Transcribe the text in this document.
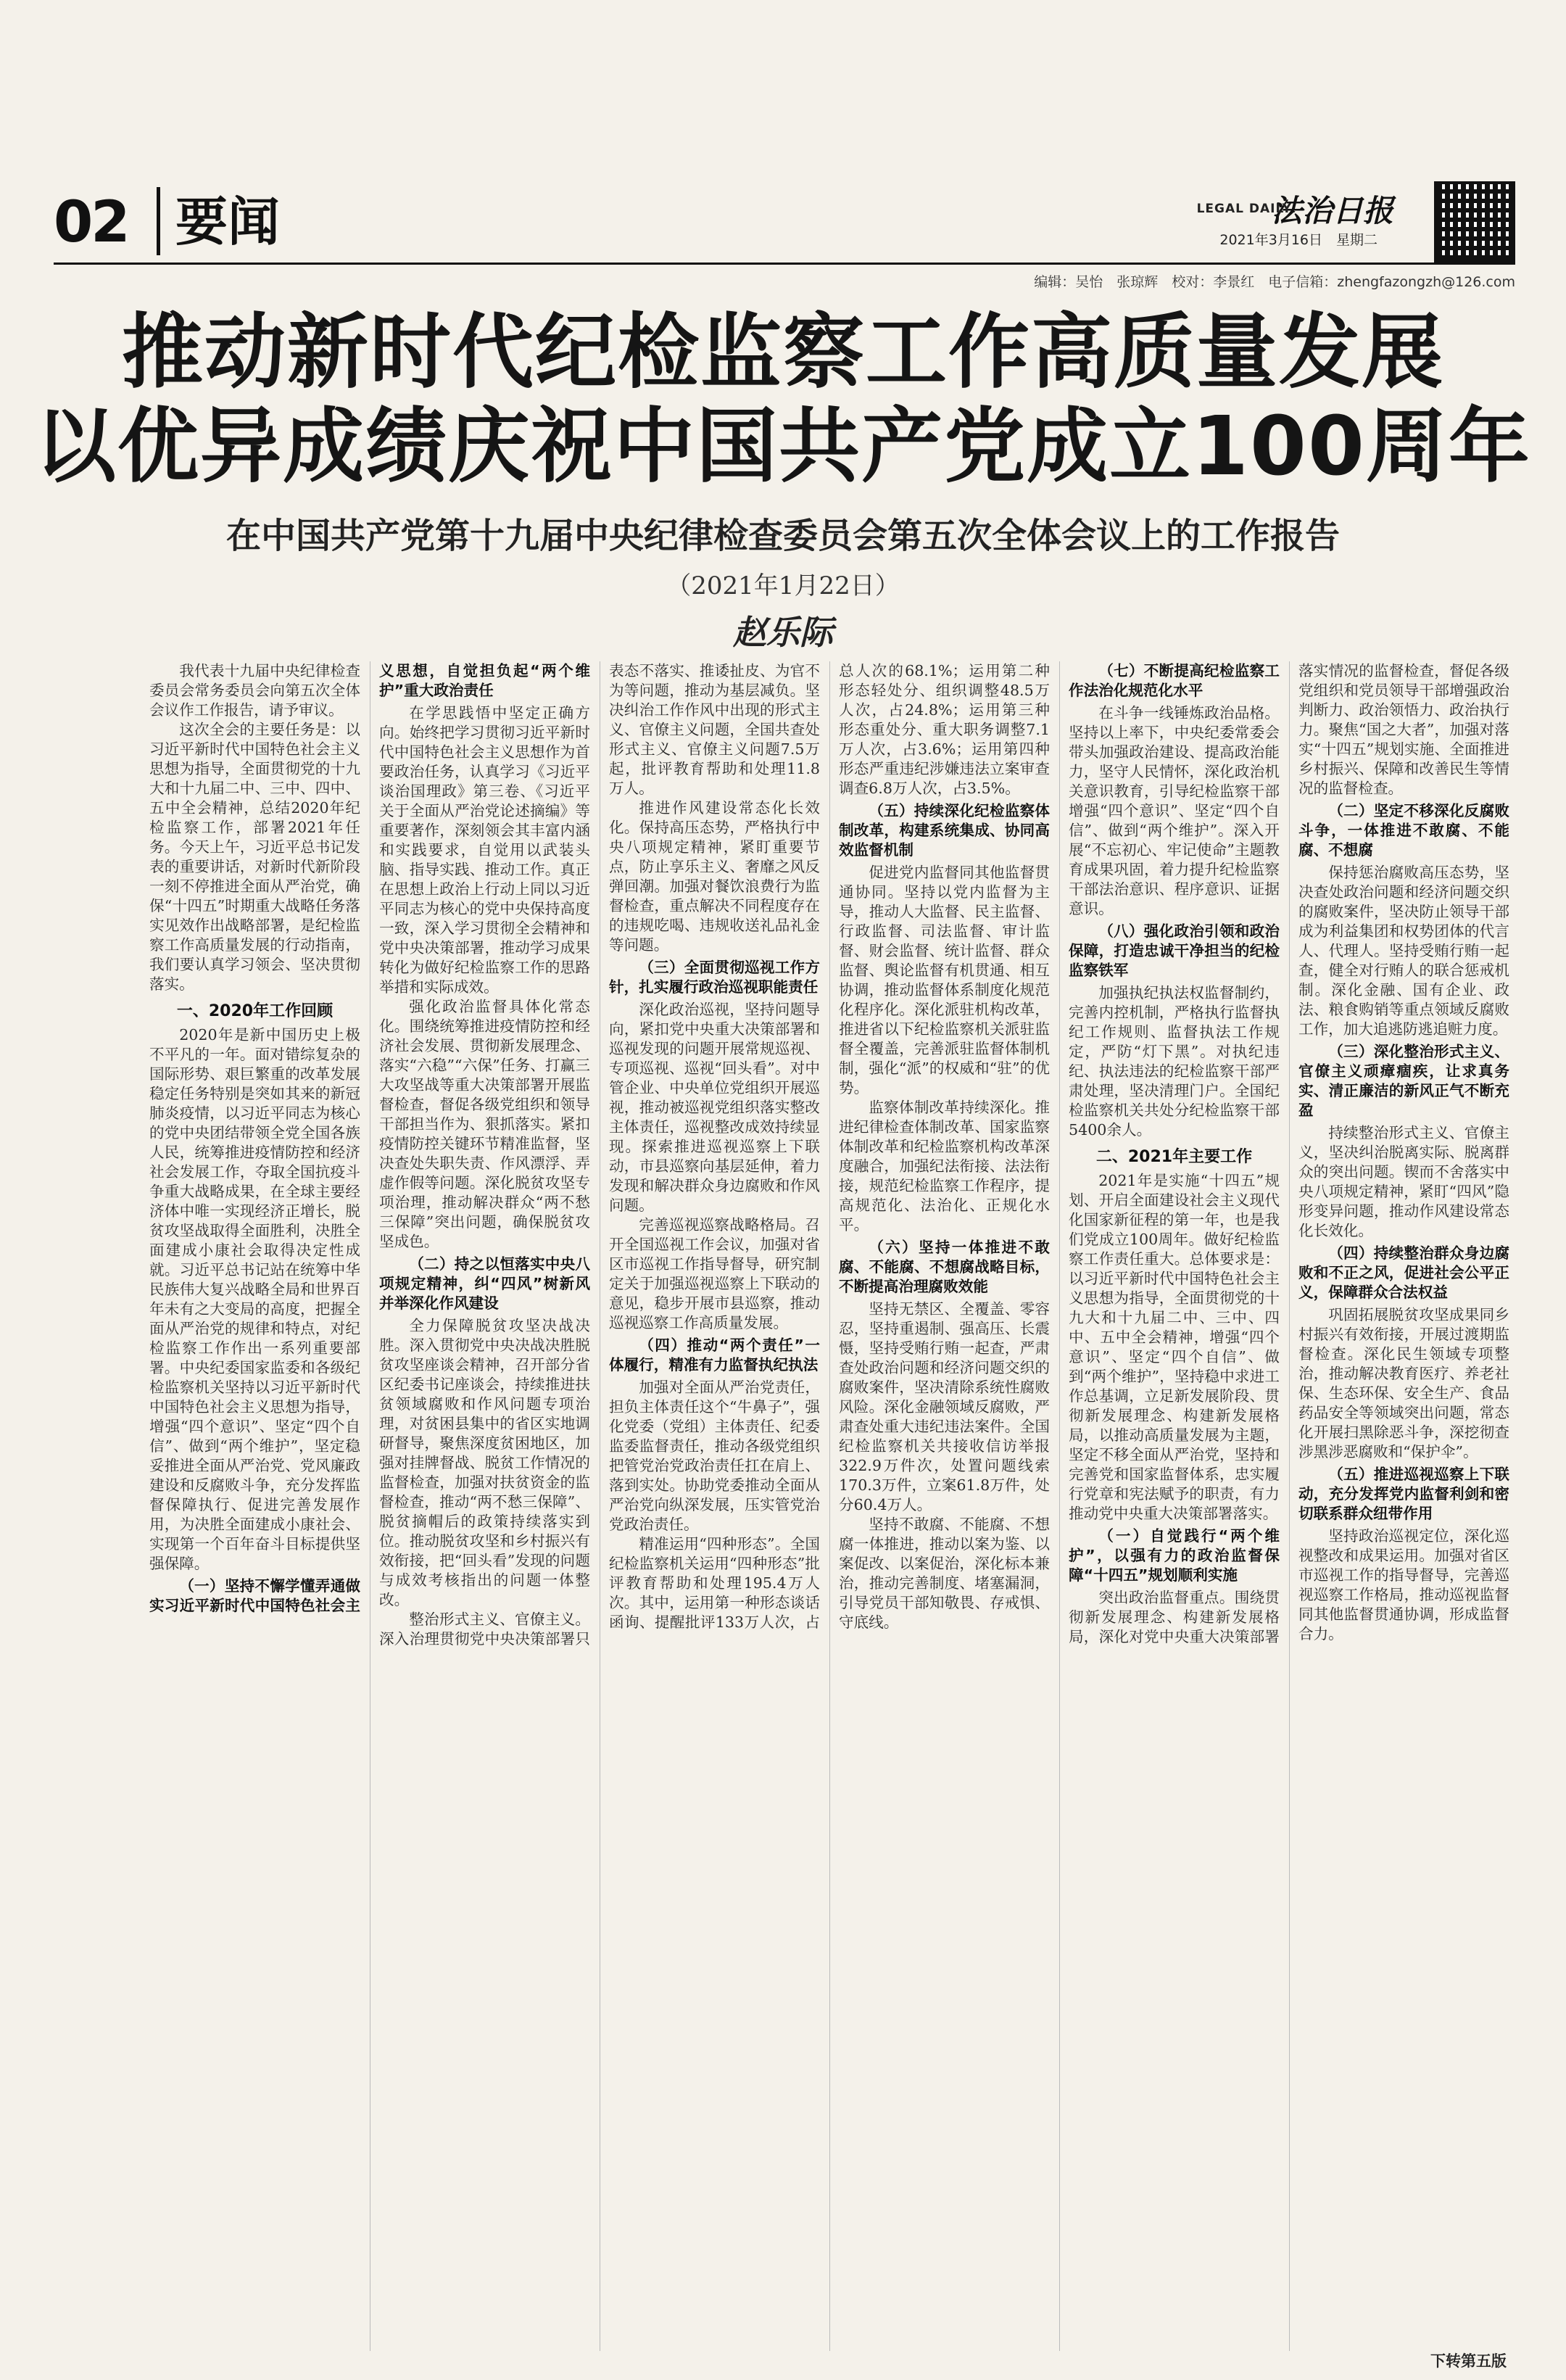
02 要闻	法治日报
LEGAL DAILY
2021年3月16日　星期二
编辑：吴怡　张琼辉　校对：李景红　电子信箱：zhengfazongzh@126.com
推动新时代纪检监察工作高质量发展
以优异成绩庆祝中国共产党成立100周年
在中国共产党第十九届中央纪律检查委员会第五次全体会议上的工作报告
（2021年1月22日）
赵乐际

我代表十九届中央纪律检查委员会常务委员会向第五次全体会议作工作报告，请予审议。

这次全会的主要任务是：以习近平新时代中国特色社会主义思想为指导，全面贯彻党的十九大和十九届二中、三中、四中、五中全会精神，总结2020年纪检监察工作，部署2021年任务。今天上午，习近平总书记发表的重要讲话，对新时代新阶段一刻不停推进全面从严治党，确保“十四五”时期重大战略任务落实见效作出战略部署，是纪检监察工作高质量发展的行动指南，我们要认真学习领会、坚决贯彻落实。

一、2020年工作回顾

2020年是新中国历史上极不平凡的一年。面对错综复杂的国际形势、艰巨繁重的改革发展稳定任务特别是突如其来的新冠肺炎疫情，以习近平同志为核心的党中央团结带领全党全国各族人民，统筹推进疫情防控和经济社会发展工作，夺取全国抗疫斗争重大战略成果，在全球主要经济体中唯一实现经济正增长，脱贫攻坚战取得全面胜利，决胜全面建成小康社会取得决定性成就。习近平总书记站在统筹中华民族伟大复兴战略全局和世界百年未有之大变局的高度，把握全面从严治党的规律和特点，对纪检监察工作作出一系列重要部署。中央纪委国家监委和各级纪检监察机关坚持以习近平新时代中国特色社会主义思想为指导，增强“四个意识”、坚定“四个自信”、做到“两个维护”，坚定稳妥推进全面从严治党、党风廉政建设和反腐败斗争，充分发挥监督保障执行、促进完善发展作用，为决胜全面建成小康社会、实现第一个百年奋斗目标提供坚强保障。

（一）坚持不懈学懂弄通做实习近平新时代中国特色社会主义思想，自觉担负起“两个维护”重大政治责任

在学思践悟中坚定正确方向。始终把学习贯彻习近平新时代中国特色社会主义思想作为首要政治任务，认真学习《习近平谈治国理政》第三卷、《习近平关于全面从严治党论述摘编》等重要著作，深刻领会其丰富内涵和实践要求，自觉用以武装头脑、指导实践、推动工作。真正在思想上政治上行动上同以习近平同志为核心的党中央保持高度一致，深入学习贯彻全会精神和党中央决策部署，推动学习成果转化为做好纪检监察工作的思路举措和实际成效。

强化政治监督具体化常态化。围绕统筹推进疫情防控和经济社会发展、贯彻新发展理念、落实“六稳”“六保”任务、打赢三大攻坚战等重大决策部署开展监督检查，督促各级党组织和领导干部担当作为、狠抓落实。紧扣疫情防控关键环节精准监督，坚决查处失职失责、作风漂浮、弄虚作假等问题。深化脱贫攻坚专项治理，推动解决群众“两不愁三保障”突出问题，确保脱贫攻坚成色。

（二）持之以恒落实中央八项规定精神，纠“四风”树新风并举深化作风建设

全力保障脱贫攻坚决战决胜。深入贯彻党中央决战决胜脱贫攻坚座谈会精神，召开部分省区纪委书记座谈会，持续推进扶贫领域腐败和作风问题专项治理，对贫困县集中的省区实地调研督导，聚焦深度贫困地区，加强对挂牌督战、脱贫工作情况的监督检查，加强对扶贫资金的监督检查，推动“两不愁三保障”、脱贫摘帽后的政策持续落实到位。推动脱贫攻坚和乡村振兴有效衔接，把“回头看”发现的问题与成效考核指出的问题一体整改。

整治形式主义、官僚主义。深入治理贯彻党中央决策部署只表态不落实、推诿扯皮、为官不为等问题，推动为基层减负。坚决纠治工作作风中出现的形式主义、官僚主义问题，全国共查处形式主义、官僚主义问题7.5万起，批评教育帮助和处理11.8万人。

推进作风建设常态化长效化。保持高压态势，严格执行中央八项规定精神，紧盯重要节点，防止享乐主义、奢靡之风反弹回潮。加强对餐饮浪费行为监督检查，重点解决不同程度存在的违规吃喝、违规收送礼品礼金等问题。

（三）全面贯彻巡视工作方针，扎实履行政治巡视职能责任

深化政治巡视，坚持问题导向，紧扣党中央重大决策部署和巡视发现的问题开展常规巡视、专项巡视、巡视“回头看”。对中管企业、中央单位党组织开展巡视，推动被巡视党组织落实整改主体责任，巡视整改成效持续显现。探索推进巡视巡察上下联动，市县巡察向基层延伸，着力发现和解决群众身边腐败和作风问题。

完善巡视巡察战略格局。召开全国巡视工作会议，加强对省区市巡视工作指导督导，研究制定关于加强巡视巡察上下联动的意见，稳步开展市县巡察，推动巡视巡察工作高质量发展。

（四）推动“两个责任”一体履行，精准有力监督执纪执法

加强对全面从严治党责任，担负主体责任这个“牛鼻子”，强化党委（党组）主体责任、纪委监委监督责任，推动各级党组织把管党治党政治责任扛在肩上、落到实处。协助党委推动全面从严治党向纵深发展，压实管党治党政治责任。

精准运用“四种形态”。全国纪检监察机关运用“四种形态”批评教育帮助和处理195.4万人次。其中，运用第一种形态谈话函询、提醒批评133万人次，占总人次的68.1%；运用第二种形态轻处分、组织调整48.5万人次，占24.8%；运用第三种形态重处分、重大职务调整7.1万人次，占3.6%；运用第四种形态严重违纪涉嫌违法立案审查调查6.8万人次，占3.5%。

（五）持续深化纪检监察体制改革，构建系统集成、协同高效监督机制

促进党内监督同其他监督贯通协同。坚持以党内监督为主导，推动人大监督、民主监督、行政监督、司法监督、审计监督、财会监督、统计监督、群众监督、舆论监督有机贯通、相互协调，推动监督体系制度化规范化程序化。深化派驻机构改革，推进省以下纪检监察机关派驻监督全覆盖，完善派驻监督体制机制，强化“派”的权威和“驻”的优势。

监察体制改革持续深化。推进纪律检查体制改革、国家监察体制改革和纪检监察机构改革深度融合，加强纪法衔接、法法衔接，规范纪检监察工作程序，提高规范化、法治化、正规化水平。

（六）坚持一体推进不敢腐、不能腐、不想腐战略目标，不断提高治理腐败效能

坚持无禁区、全覆盖、零容忍，坚持重遏制、强高压、长震慑，坚持受贿行贿一起查，严肃查处政治问题和经济问题交织的腐败案件，坚决清除系统性腐败风险。深化金融领域反腐败，严肃查处重大违纪违法案件。全国纪检监察机关共接收信访举报322.9万件次，处置问题线索170.3万件，立案61.8万件，处分60.4万人。

坚持不敢腐、不能腐、不想腐一体推进，推动以案为鉴、以案促改、以案促治，深化标本兼治，推动完善制度、堵塞漏洞，引导党员干部知敬畏、存戒惧、守底线。

（七）不断提高纪检监察工作法治化规范化水平

在斗争一线锤炼政治品格。坚持以上率下，中央纪委常委会带头加强政治建设、提高政治能力，坚守人民情怀，深化政治机关意识教育，引导纪检监察干部增强“四个意识”、坚定“四个自信”、做到“两个维护”。深入开展“不忘初心、牢记使命”主题教育成果巩固，着力提升纪检监察干部法治意识、程序意识、证据意识。

（八）强化政治引领和政治保障，打造忠诚干净担当的纪检监察铁军

加强执纪执法权监督制约，完善内控机制，严格执行监督执纪工作规则、监督执法工作规定，严防“灯下黑”。对执纪违纪、执法违法的纪检监察干部严肃处理，坚决清理门户。全国纪检监察机关共处分纪检监察干部5400余人。

二、2021年主要工作

2021年是实施“十四五”规划、开启全面建设社会主义现代化国家新征程的第一年，也是我们党成立100周年。做好纪检监察工作责任重大。总体要求是：以习近平新时代中国特色社会主义思想为指导，全面贯彻党的十九大和十九届二中、三中、四中、五中全会精神，增强“四个意识”、坚定“四个自信”、做到“两个维护”，坚持稳中求进工作总基调，立足新发展阶段、贯彻新发展理念、构建新发展格局，以推动高质量发展为主题，坚定不移全面从严治党，坚持和完善党和国家监督体系，忠实履行党章和宪法赋予的职责，有力推动党中央重大决策部署落实。

（一）自觉践行“两个维护”，以强有力的政治监督保障“十四五”规划顺利实施

突出政治监督重点。围绕贯彻新发展理念、构建新发展格局，深化对党中央重大决策部署落实情况的监督检查，督促各级党组织和党员领导干部增强政治判断力、政治领悟力、政治执行力。聚焦“国之大者”，加强对落实“十四五”规划实施、全面推进乡村振兴、保障和改善民生等情况的监督检查。

（二）坚定不移深化反腐败斗争，一体推进不敢腐、不能腐、不想腐

保持惩治腐败高压态势，坚决查处政治问题和经济问题交织的腐败案件，坚决防止领导干部成为利益集团和权势团体的代言人、代理人。坚持受贿行贿一起查，健全对行贿人的联合惩戒机制。深化金融、国有企业、政法、粮食购销等重点领域反腐败工作，加大追逃防逃追赃力度。

（三）深化整治形式主义、官僚主义顽瘴痼疾，让求真务实、清正廉洁的新风正气不断充盈

持续整治形式主义、官僚主义，坚决纠治脱离实际、脱离群众的突出问题。锲而不舍落实中央八项规定精神，紧盯“四风”隐形变异问题，推动作风建设常态化长效化。

（四）持续整治群众身边腐败和不正之风，促进社会公平正义，保障群众合法权益

巩固拓展脱贫攻坚成果同乡村振兴有效衔接，开展过渡期监督检查。深化民生领域专项整治，推动解决教育医疗、养老社保、生态环保、安全生产、食品药品安全等领域突出问题，常态化开展扫黑除恶斗争，深挖彻查涉黑涉恶腐败和“保护伞”。

（五）推进巡视巡察上下联动，充分发挥党内监督利剑和密切联系群众纽带作用

坚持政治巡视定位，深化巡视整改和成果运用。加强对省区市巡视工作的指导督导，完善巡视巡察工作格局，推动巡视监督同其他监督贯通协调，形成监督合力。

下转第五版
